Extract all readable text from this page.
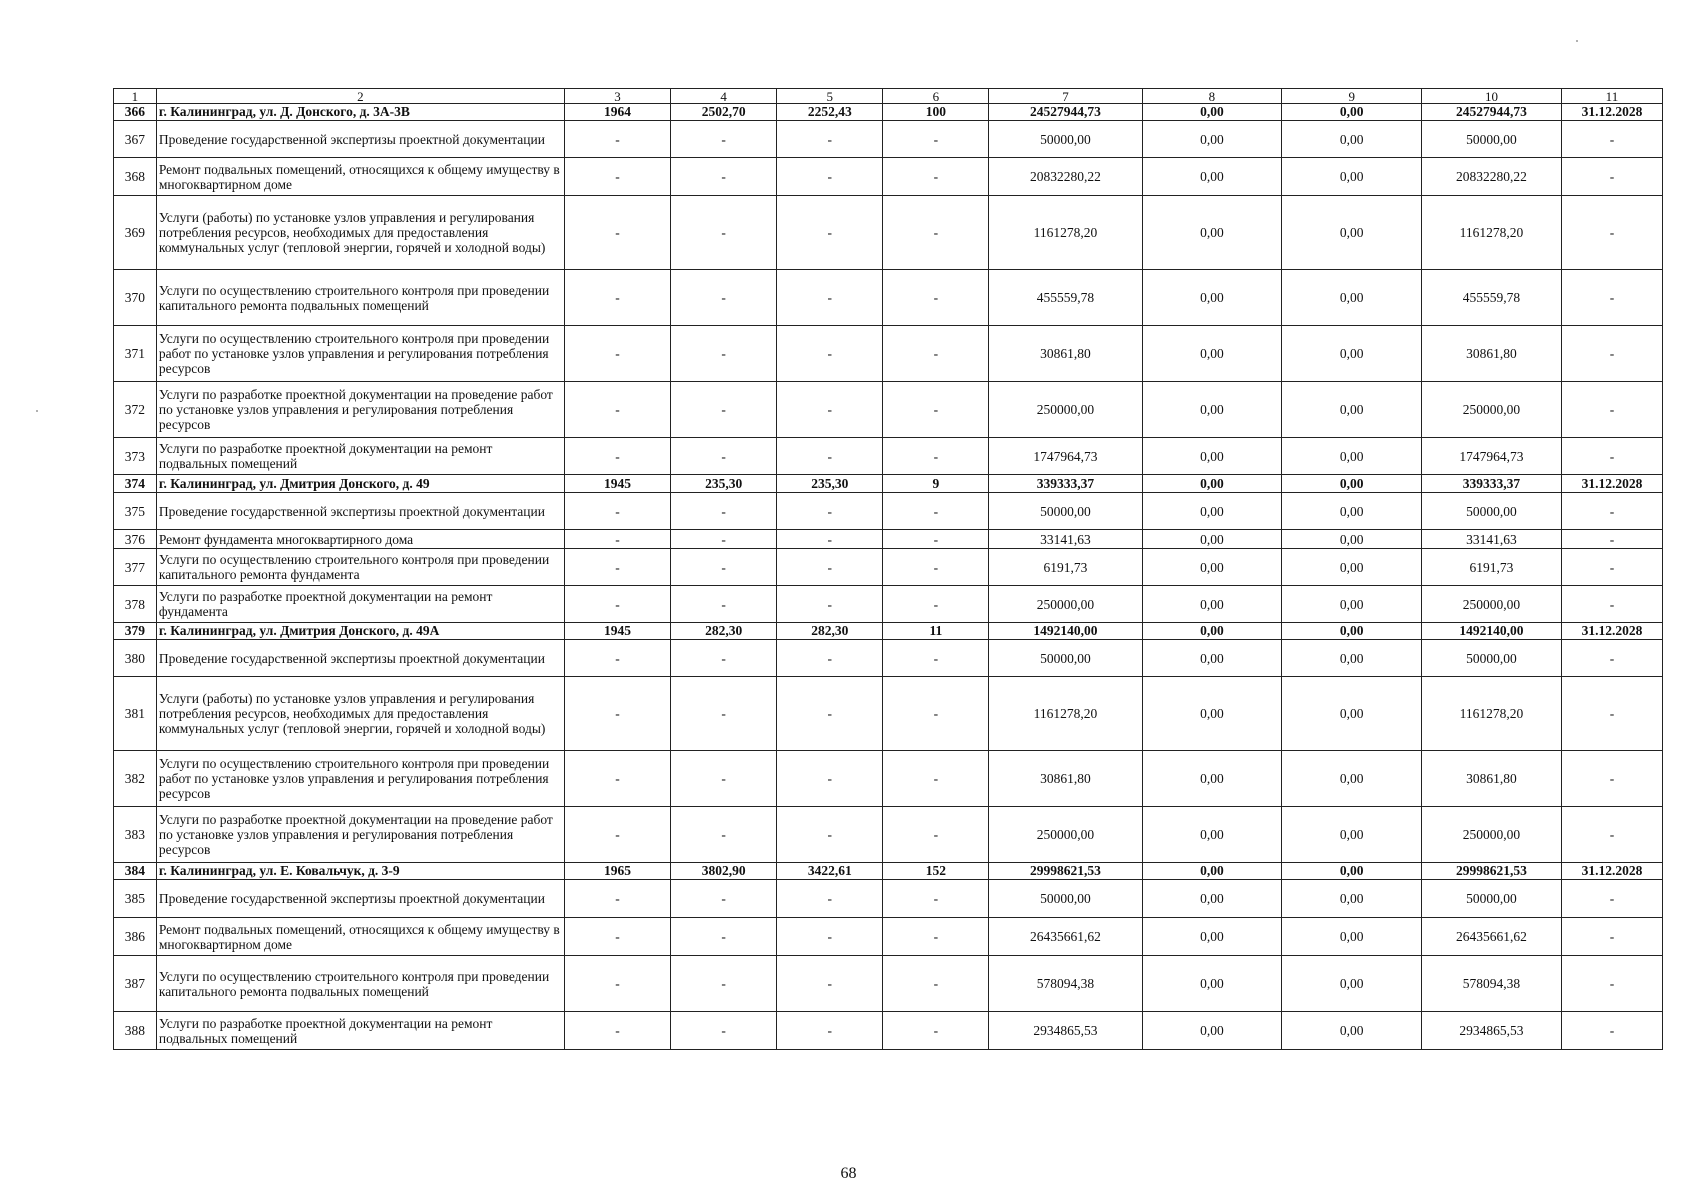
1	2	3	4	5	6	7	8	9	10	11
366	г. Калининград, ул. Д. Донского, д. 3А-3В	1964	2502,70	2252,43	100	24527944,73	0,00	0,00	24527944,73	31.12.2028
367	Проведение государственной экспертизы проектной документации	-	-	-	-	50000,00	0,00	0,00	50000,00	-
368	Ремонт подвальных помещений, относящихся к общему имуществу в многоквартирном доме	-	-	-	-	20832280,22	0,00	0,00	20832280,22	-
369	Услуги (работы) по установке узлов управления и регулирования потребления ресурсов, необходимых для предоставления коммунальных услуг (тепловой энергии, горячей и холодной воды)	-	-	-	-	1161278,20	0,00	0,00	1161278,20	-
370	Услуги по осуществлению строительного контроля при проведении капитального ремонта подвальных помещений	-	-	-	-	455559,78	0,00	0,00	455559,78	-
371	Услуги по осуществлению строительного контроля при проведении работ по установке узлов управления и регулирования потребления ресурсов	-	-	-	-	30861,80	0,00	0,00	30861,80	-
372	Услуги по разработке проектной документации на проведение работ по установке узлов управления и регулирования потребления ресурсов	-	-	-	-	250000,00	0,00	0,00	250000,00	-
373	Услуги по разработке проектной документации на ремонт подвальных помещений	-	-	-	-	1747964,73	0,00	0,00	1747964,73	-
374	г. Калининград, ул. Дмитрия Донского, д. 49	1945	235,30	235,30	9	339333,37	0,00	0,00	339333,37	31.12.2028
375	Проведение государственной экспертизы проектной документации	-	-	-	-	50000,00	0,00	0,00	50000,00	-
376	Ремонт фундамента многоквартирного дома	-	-	-	-	33141,63	0,00	0,00	33141,63	-
377	Услуги по осуществлению строительного контроля при проведении капитального ремонта фундамента	-	-	-	-	6191,73	0,00	0,00	6191,73	-
378	Услуги по разработке проектной документации на ремонт фундамента	-	-	-	-	250000,00	0,00	0,00	250000,00	-
379	г. Калининград, ул. Дмитрия Донского, д. 49А	1945	282,30	282,30	11	1492140,00	0,00	0,00	1492140,00	31.12.2028
380	Проведение государственной экспертизы проектной документации	-	-	-	-	50000,00	0,00	0,00	50000,00	-
381	Услуги (работы) по установке узлов управления и регулирования потребления ресурсов, необходимых для предоставления коммунальных услуг (тепловой энергии, горячей и холодной воды)	-	-	-	-	1161278,20	0,00	0,00	1161278,20	-
382	Услуги по осуществлению строительного контроля при проведении работ по установке узлов управления и регулирования потребления ресурсов	-	-	-	-	30861,80	0,00	0,00	30861,80	-
383	Услуги по разработке проектной документации на проведение работ по установке узлов управления и регулирования потребления ресурсов	-	-	-	-	250000,00	0,00	0,00	250000,00	-
384	г. Калининград, ул. Е. Ковальчук, д. 3-9	1965	3802,90	3422,61	152	29998621,53	0,00	0,00	29998621,53	31.12.2028
385	Проведение государственной экспертизы проектной документации	-	-	-	-	50000,00	0,00	0,00	50000,00	-
386	Ремонт подвальных помещений, относящихся к общему имуществу в многоквартирном доме	-	-	-	-	26435661,62	0,00	0,00	26435661,62	-
387	Услуги по осуществлению строительного контроля при проведении капитального ремонта подвальных помещений	-	-	-	-	578094,38	0,00	0,00	578094,38	-
388	Услуги по разработке проектной документации на ремонт подвальных помещений	-	-	-	-	2934865,53	0,00	0,00	2934865,53	-
68
